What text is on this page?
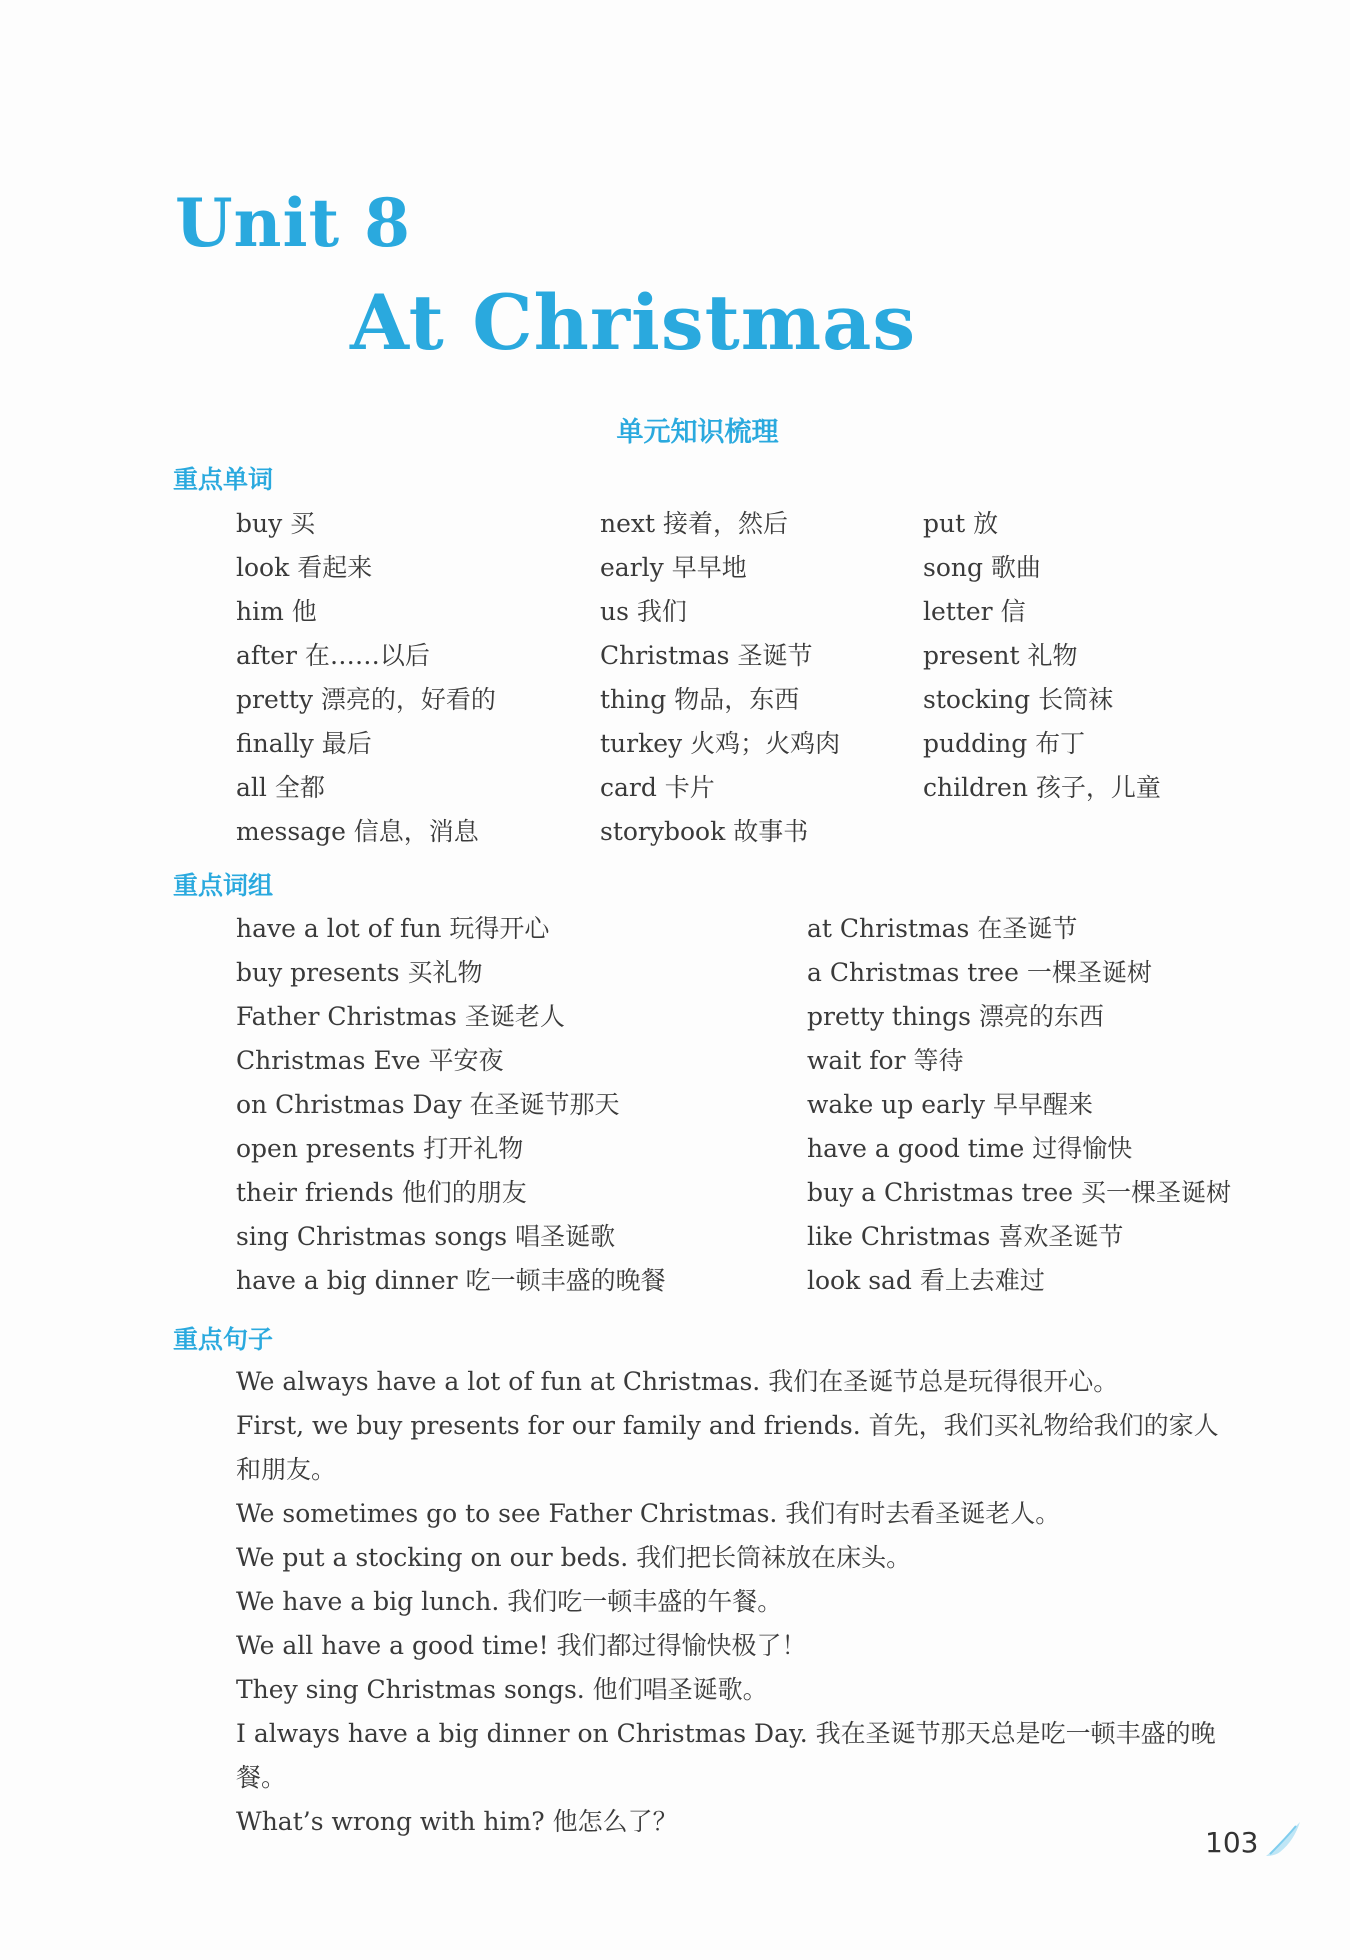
Unit 8
At Christmas
单元知识梳理
重点单词
buy 买
look 看起来
him 他
after 在……以后
pretty 漂亮的，好看的
finally 最后
all 全都
message 信息，消息
next 接着，然后
early 早早地
us 我们
Christmas 圣诞节
thing 物品，东西
turkey 火鸡；火鸡肉
card 卡片
storybook 故事书
put 放
song 歌曲
letter 信
present 礼物
stocking 长筒袜
pudding 布丁
children 孩子，儿童
重点词组
have a lot of fun 玩得开心
buy presents 买礼物
Father Christmas 圣诞老人
Christmas Eve 平安夜
on Christmas Day 在圣诞节那天
open presents 打开礼物
their friends 他们的朋友
sing Christmas songs 唱圣诞歌
have a big dinner 吃一顿丰盛的晚餐
at Christmas 在圣诞节
a Christmas tree 一棵圣诞树
pretty things 漂亮的东西
wait for 等待
wake up early 早早醒来
have a good time 过得愉快
buy a Christmas tree 买一棵圣诞树
like Christmas 喜欢圣诞节
look sad 看上去难过
重点句子
We always have a lot of fun at Christmas. 我们在圣诞节总是玩得很开心。
First, we buy presents for our family and friends. 首先，我们买礼物给我们的家人和朋友。
We sometimes go to see Father Christmas. 我们有时去看圣诞老人。
We put a stocking on our beds. 我们把长筒袜放在床头。
We have a big lunch. 我们吃一顿丰盛的午餐。
We all have a good time! 我们都过得愉快极了！
They sing Christmas songs. 他们唱圣诞歌。
I always have a big dinner on Christmas Day. 我在圣诞节那天总是吃一顿丰盛的晚餐。
What’s wrong with him? 他怎么了？

103
